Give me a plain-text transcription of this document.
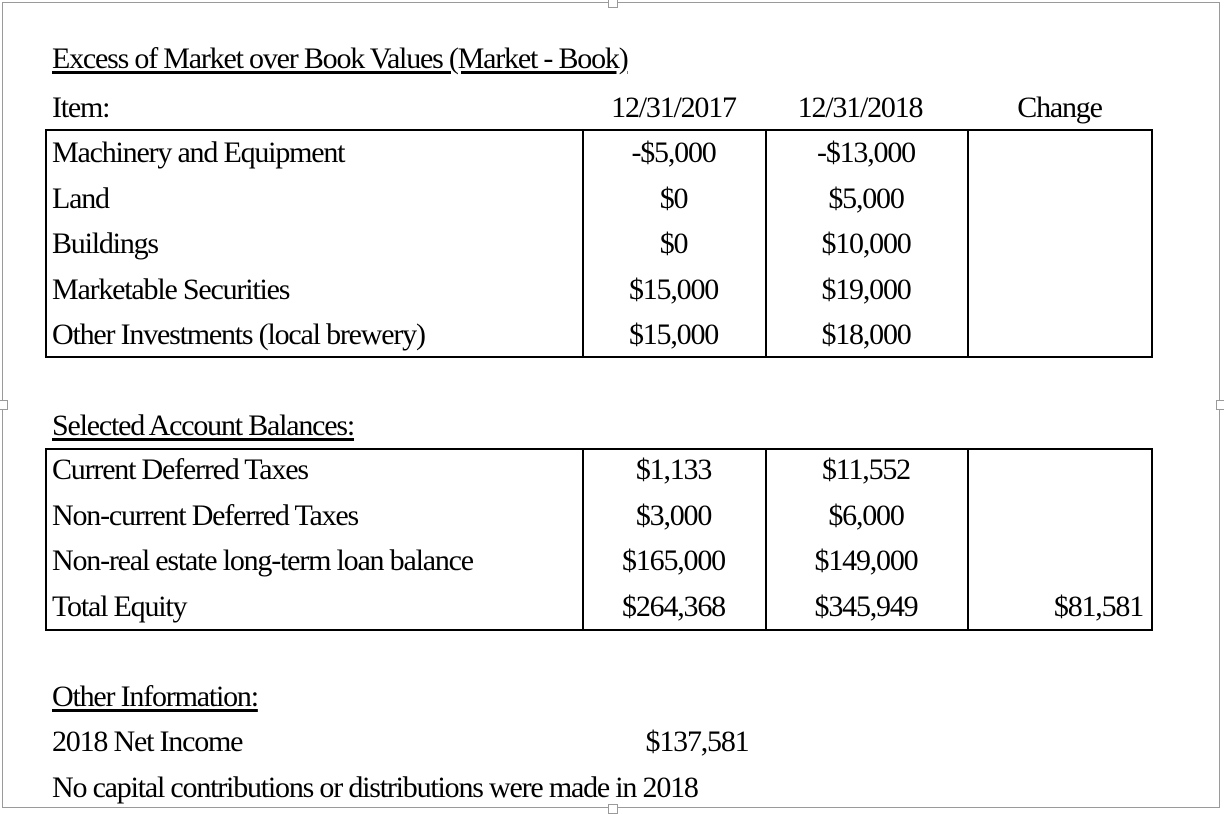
Excess of Market over Book Values (Market - Book)
Item:	12/31/2017	12/31/2018	Change
Machinery and Equipment	-$5,000	-$13,000
Land	$0	$5,000
Buildings	$0	$10,000
Marketable Securities	$15,000	$19,000
Other Investments (local brewery)	$15,000	$18,000
Selected Account Balances:
Current Deferred Taxes	$1,133	$11,552
Non-current Deferred Taxes	$3,000	$6,000
Non-real estate long-term loan balance	$165,000	$149,000
Total Equity	$264,368	$345,949	$81,581
Other Information:
2018 Net Income	$137,581
No capital contributions or distributions were made in 2018
